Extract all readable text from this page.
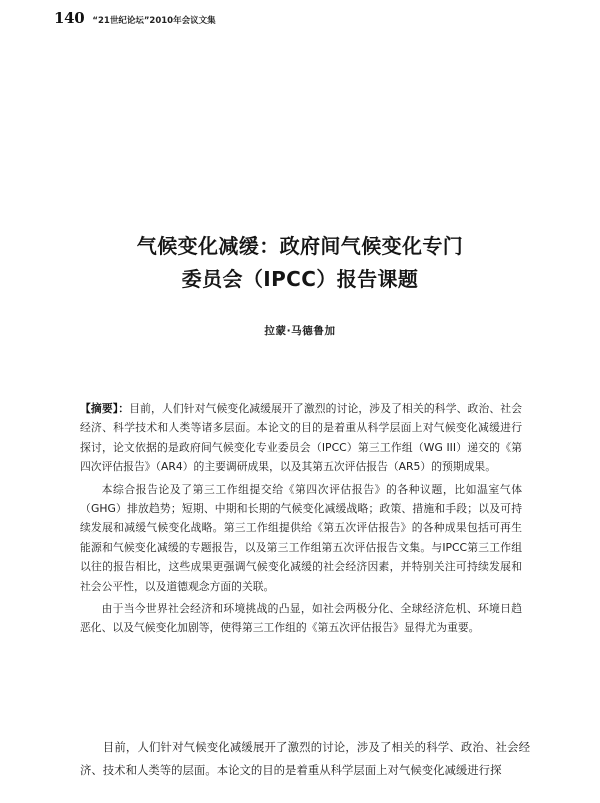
140 “21世纪论坛”2010年会议文集
气候变化减缓：政府间气候变化专门
委员会（IPCC）报告课题
拉蒙·马德鲁加

【摘要】：目前，人们针对气候变化减缓展开了激烈的讨论，涉及了相关的科学、政治、社会经济、科学技术和人类等诸多层面。本论文的目的是着重从科学层面上对气候变化减缓进行探讨，论文依据的是政府间气候变化专业委员会（IPCC）第三工作组（WG III）递交的《第四次评估报告》（AR4）的主要调研成果，以及其第五次评估报告（AR5）的预期成果。

本综合报告论及了第三工作组提交给《第四次评估报告》的各种议题，比如温室气体（GHG）排放趋势；短期、中期和长期的气候变化减缓战略；政策、措施和手段；以及可持续发展和减缓气候变化战略。第三工作组提供给《第五次评估报告》的各种成果包括可再生能源和气候变化减缓的专题报告，以及第三工作组第五次评估报告文集。与IPCC第三工作组以往的报告相比，这些成果更强调气候变化减缓的社会经济因素，并特别关注可持续发展和社会公平性，以及道德观念方面的关联。

由于当今世界社会经济和环境挑战的凸显，如社会两极分化、全球经济危机、环境日趋恶化、以及气候变化加剧等，使得第三工作组的《第五次评估报告》显得尤为重要。

目前，人们针对气候变化减缓展开了激烈的讨论，涉及了相关的科学、政治、社会经济、技术和人类等的层面。本论文的目的是着重从科学层面上对气候变化减缓进行探
